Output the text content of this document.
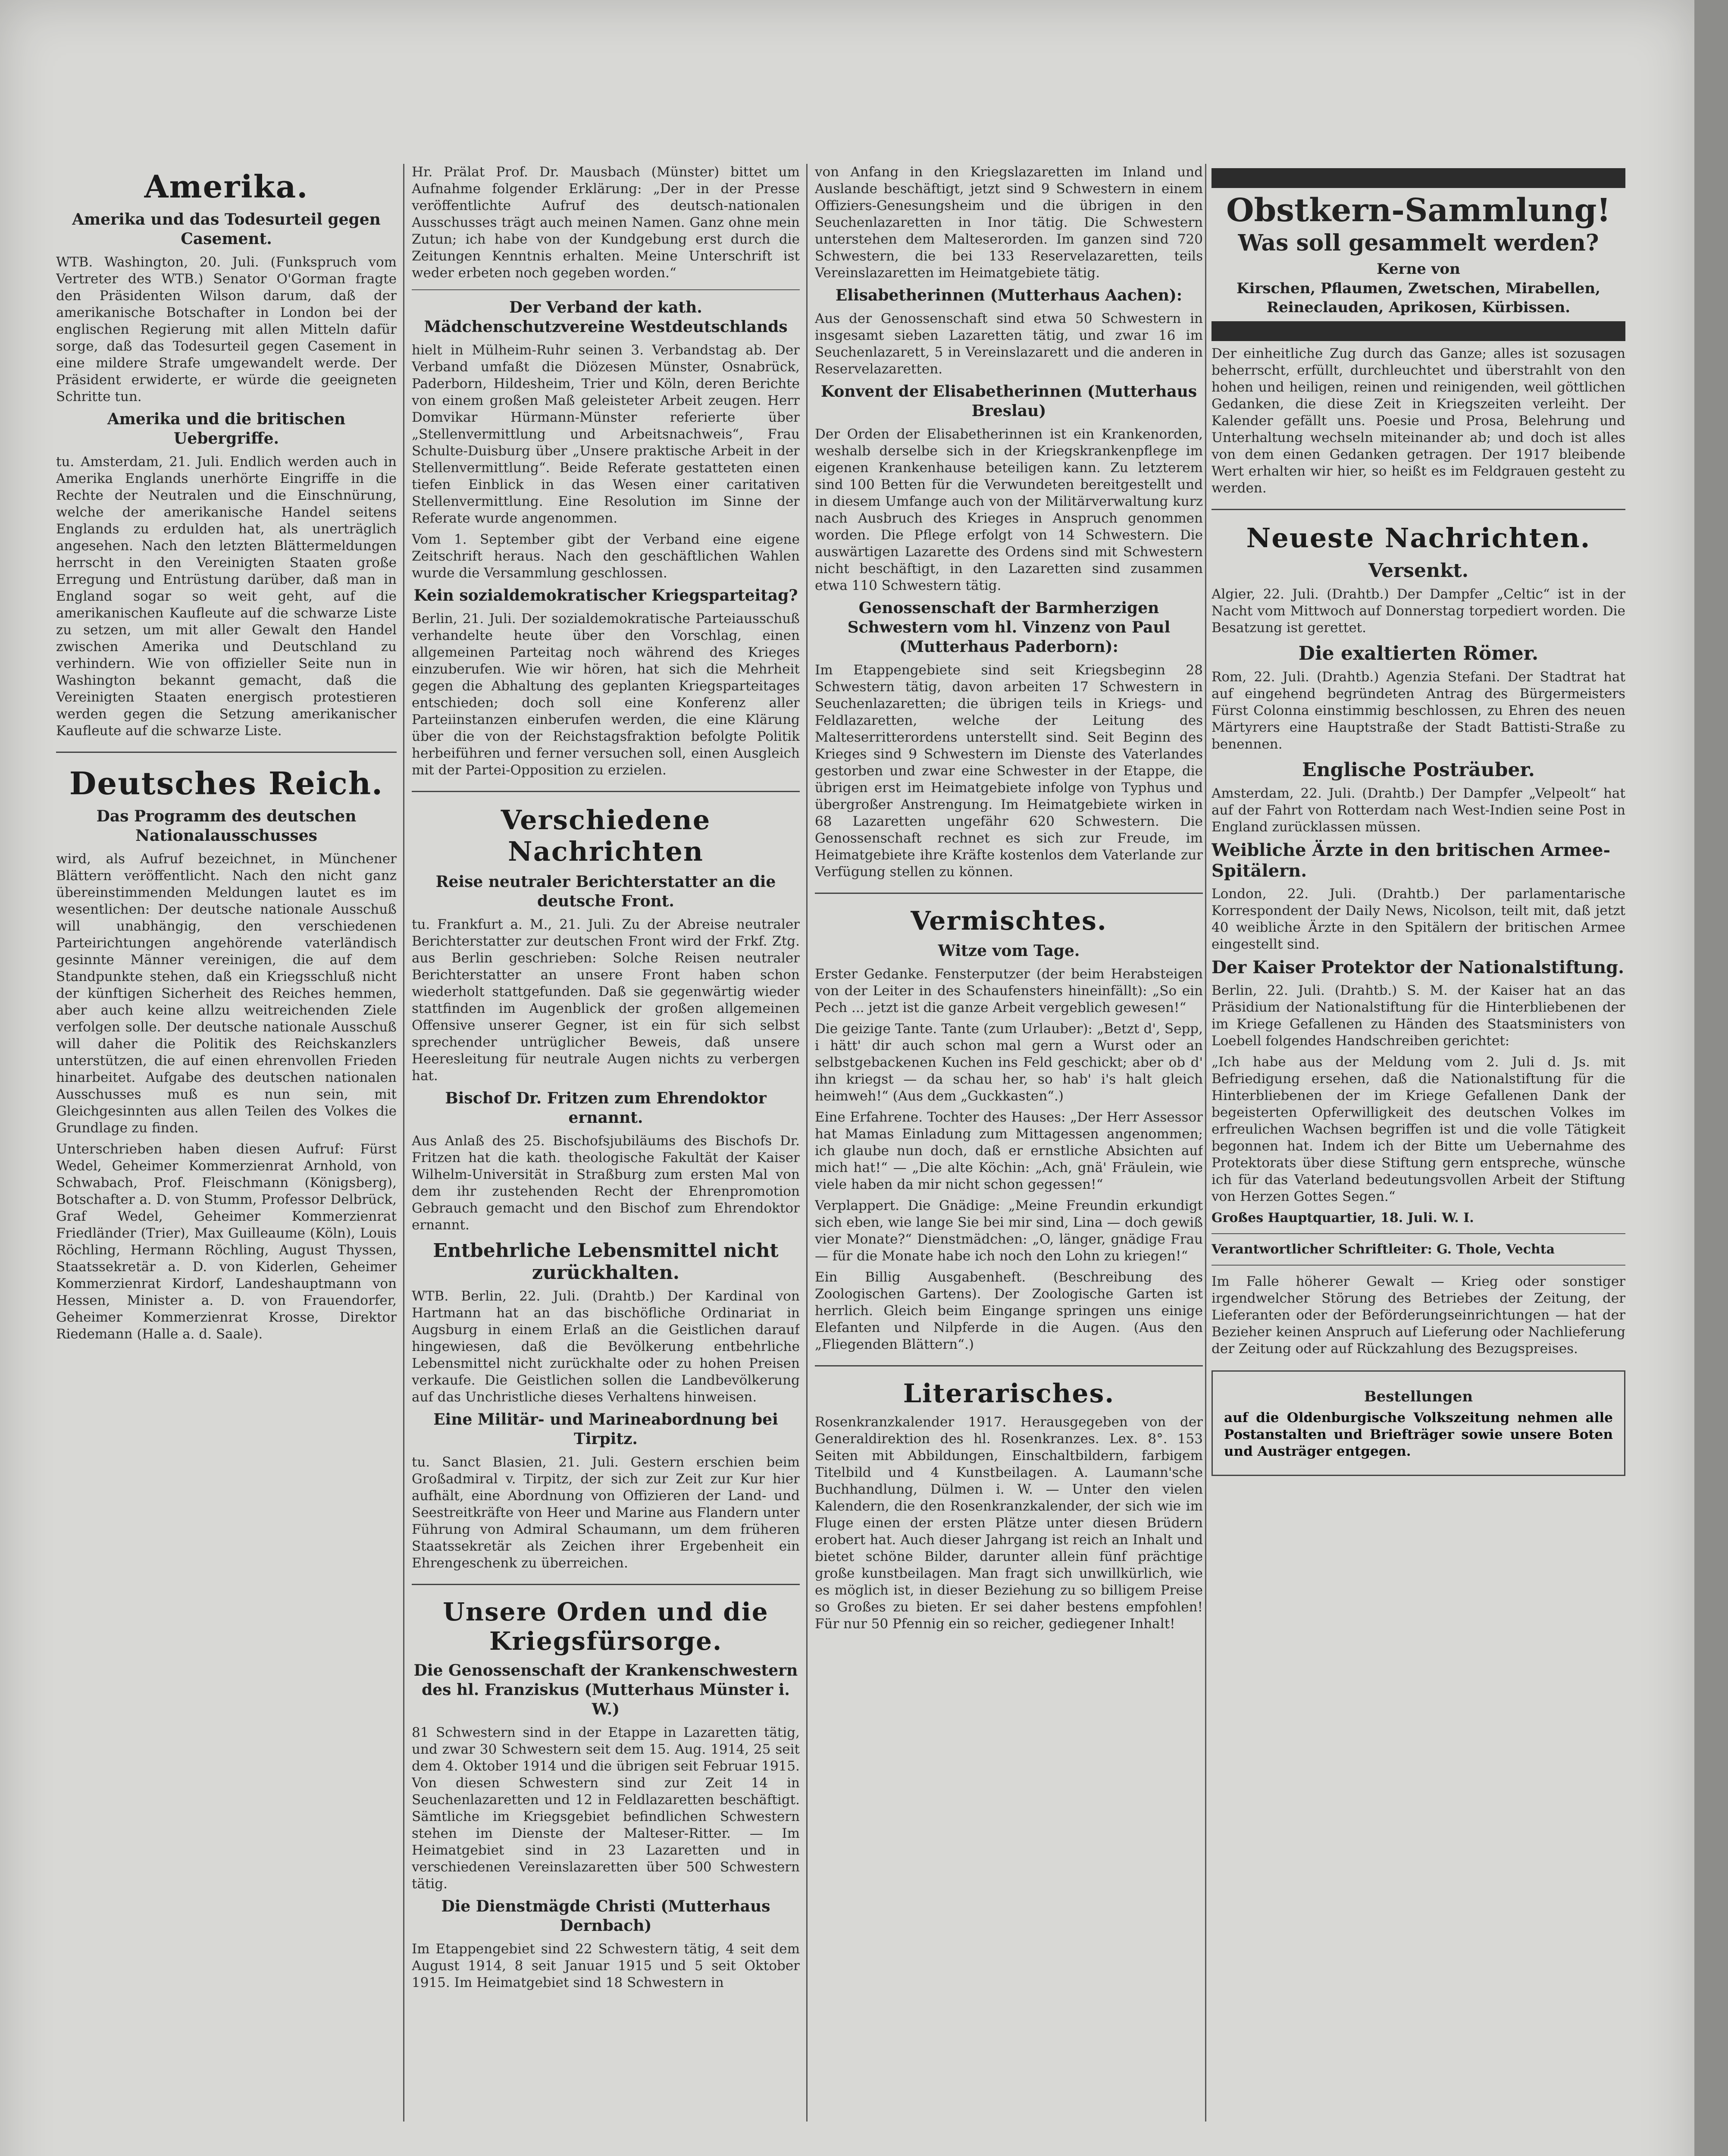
Amerika.
Amerika und das Todesurteil gegen Casement.

WTB. Washington, 20. Juli. (Funkspruch vom Vertreter des WTB.) Senator O'Gorman fragte den Präsidenten Wilson darum, daß der amerikanische Botschafter in London bei der englischen Regierung mit allen Mitteln dafür sorge, daß das Todesurteil gegen Casement in eine mildere Strafe umgewandelt werde. Der Präsident erwiderte, er würde die geeigneten Schritte tun.

Amerika und die britischen Uebergriffe.

tu. Amsterdam, 21. Juli. Endlich werden auch in Amerika Englands unerhörte Eingriffe in die Rechte der Neutralen und die Einschnürung, welche der amerikanische Handel seitens Englands zu erdulden hat, als unerträglich angesehen. Nach den letzten Blättermeldungen herrscht in den Vereinigten Staaten große Erregung und Entrüstung darüber, daß man in England sogar so weit geht, auf die amerikanischen Kaufleute auf die schwarze Liste zu setzen, um mit aller Gewalt den Handel zwischen Amerika und Deutschland zu verhindern. Wie von offizieller Seite nun in Washington bekannt gemacht, daß die Vereinigten Staaten energisch protestieren werden gegen die Setzung amerikanischer Kaufleute auf die schwarze Liste.

Deutsches Reich.
Das Programm des deutschen Nationalausschusses

wird, als Aufruf bezeichnet, in Münchener Blättern veröffentlicht. Nach den nicht ganz übereinstimmenden Meldungen lautet es im wesentlichen: Der deutsche nationale Ausschuß will unabhängig, den verschiedenen Parteirichtungen angehörende vaterländisch gesinnte Männer vereinigen, die auf dem Standpunkte stehen, daß ein Kriegsschluß nicht der künftigen Sicherheit des Reiches hemmen, aber auch keine allzu weitreichenden Ziele verfolgen solle. Der deutsche nationale Ausschuß will daher die Politik des Reichskanzlers unterstützen, die auf einen ehrenvollen Frieden hinarbeitet. Aufgabe des deutschen nationalen Ausschusses muß es nun sein, mit Gleichgesinnten aus allen Teilen des Volkes die Grundlage zu finden.

Unterschrieben haben diesen Aufruf: Fürst Wedel, Geheimer Kommerzienrat Arnhold, von Schwabach, Prof. Fleischmann (Königsberg), Botschafter a. D. von Stumm, Professor Delbrück, Graf Wedel, Geheimer Kommerzienrat Friedländer (Trier), Max Guilleaume (Köln), Louis Röchling, Hermann Röchling, August Thyssen, Staatssekretär a. D. von Kiderlen, Geheimer Kommerzienrat Kirdorf, Landeshauptmann von Hessen, Minister a. D. von Frauendorfer, Geheimer Kommerzienrat Krosse, Direktor Riedemann (Halle a. d. Saale).

Hr. Prälat Prof. Dr. Mausbach (Münster) bittet um Aufnahme folgender Erklärung: „Der in der Presse veröffentlichte Aufruf des deutsch-nationalen Ausschusses trägt auch meinen Namen. Ganz ohne mein Zutun; ich habe von der Kundgebung erst durch die Zeitungen Kenntnis erhalten. Meine Unterschrift ist weder erbeten noch gegeben worden.“

Der Verband der kath. Mädchenschutzvereine Westdeutschlands

hielt in Mülheim-Ruhr seinen 3. Verbandstag ab. Der Verband umfaßt die Diözesen Münster, Osnabrück, Paderborn, Hildesheim, Trier und Köln, deren Berichte von einem großen Maß geleisteter Arbeit zeugen. Herr Domvikar Hürmann-Münster referierte über „Stellenvermittlung und Arbeitsnachweis“, Frau Schulte-Duisburg über „Unsere praktische Arbeit in der Stellenvermittlung“. Beide Referate gestatteten einen tiefen Einblick in das Wesen einer caritativen Stellenvermittlung. Eine Resolution im Sinne der Referate wurde angenommen.

Vom 1. September gibt der Verband eine eigene Zeitschrift heraus. Nach den geschäftlichen Wahlen wurde die Versammlung geschlossen.

Kein sozialdemokratischer Kriegsparteitag?

Berlin, 21. Juli. Der sozialdemokratische Parteiausschuß verhandelte heute über den Vorschlag, einen allgemeinen Parteitag noch während des Krieges einzuberufen. Wie wir hören, hat sich die Mehrheit gegen die Abhaltung des geplanten Kriegsparteitages entschieden; doch soll eine Konferenz aller Parteiinstanzen einberufen werden, die eine Klärung über die von der Reichstagsfraktion befolgte Politik herbeiführen und ferner versuchen soll, einen Ausgleich mit der Partei-Opposition zu erzielen.

Verschiedene Nachrichten
Reise neutraler Berichterstatter an die deutsche Front.

tu. Frankfurt a. M., 21. Juli. Zu der Abreise neutraler Berichterstatter zur deutschen Front wird der Frkf. Ztg. aus Berlin geschrieben: Solche Reisen neutraler Berichterstatter an unsere Front haben schon wiederholt stattgefunden. Daß sie gegenwärtig wieder stattfinden im Augenblick der großen allgemeinen Offensive unserer Gegner, ist ein für sich selbst sprechender untrüglicher Beweis, daß unsere Heeresleitung für neutrale Augen nichts zu verbergen hat.

Bischof Dr. Fritzen zum Ehrendoktor ernannt.

Aus Anlaß des 25. Bischofsjubiläums des Bischofs Dr. Fritzen hat die kath. theologische Fakultät der Kaiser Wilhelm-Universität in Straßburg zum ersten Mal von dem ihr zustehenden Recht der Ehrenpromotion Gebrauch gemacht und den Bischof zum Ehrendoktor ernannt.

Entbehrliche Lebensmittel nicht zurückhalten.

WTB. Berlin, 22. Juli. (Drahtb.) Der Kardinal von Hartmann hat an das bischöfliche Ordinariat in Augsburg in einem Erlaß an die Geistlichen darauf hingewiesen, daß die Bevölkerung entbehrliche Lebensmittel nicht zurückhalte oder zu hohen Preisen verkaufe. Die Geistlichen sollen die Landbevölkerung auf das Unchristliche dieses Verhaltens hinweisen.

Eine Militär- und Marineabordnung bei Tirpitz.

tu. Sanct Blasien, 21. Juli. Gestern erschien beim Großadmiral v. Tirpitz, der sich zur Zeit zur Kur hier aufhält, eine Abordnung von Offizieren der Land- und Seestreitkräfte von Heer und Marine aus Flandern unter Führung von Admiral Schaumann, um dem früheren Staatssekretär als Zeichen ihrer Ergebenheit ein Ehrengeschenk zu überreichen.

Unsere Orden und die Kriegsfürsorge.
Die Genossenschaft der Krankenschwestern des hl. Franziskus (Mutterhaus Münster i. W.)

81 Schwestern sind in der Etappe in Lazaretten tätig, und zwar 30 Schwestern seit dem 15. Aug. 1914, 25 seit dem 4. Oktober 1914 und die übrigen seit Februar 1915. Von diesen Schwestern sind zur Zeit 14 in Seuchenlazaretten und 12 in Feldlazaretten beschäftigt. Sämtliche im Kriegsgebiet befindlichen Schwestern stehen im Dienste der Malteser-Ritter. — Im Heimatgebiet sind in 23 Lazaretten und in verschiedenen Vereinslazaretten über 500 Schwestern tätig.

Die Dienstmägde Christi (Mutterhaus Dernbach)

Im Etappengebiet sind 22 Schwestern tätig, 4 seit dem August 1914, 8 seit Januar 1915 und 5 seit Oktober 1915. Im Heimatgebiet sind 18 Schwestern in

von Anfang in den Kriegslazaretten im Inland und Auslande beschäftigt, jetzt sind 9 Schwestern in einem Offiziers-Genesungsheim und die übrigen in den Seuchenlazaretten in Inor tätig. Die Schwestern unterstehen dem Malteserorden. Im ganzen sind 720 Schwestern, die bei 133 Reservelazaretten, teils Vereinslazaretten im Heimatgebiete tätig.

Elisabetherinnen (Mutterhaus Aachen):

Aus der Genossenschaft sind etwa 50 Schwestern in insgesamt sieben Lazaretten tätig, und zwar 16 im Seuchenlazarett, 5 in Vereinslazarett und die anderen in Reservelazaretten.

Konvent der Elisabetherinnen (Mutterhaus Breslau)

Der Orden der Elisabetherinnen ist ein Krankenorden, weshalb derselbe sich in der Kriegskrankenpflege im eigenen Krankenhause beteiligen kann. Zu letzterem sind 100 Betten für die Verwundeten bereitgestellt und in diesem Umfange auch von der Militärverwaltung kurz nach Ausbruch des Krieges in Anspruch genommen worden. Die Pflege erfolgt von 14 Schwestern. Die auswärtigen Lazarette des Ordens sind mit Schwestern nicht beschäftigt, in den Lazaretten sind zusammen etwa 110 Schwestern tätig.

Genossenschaft der Barmherzigen Schwestern vom hl. Vinzenz von Paul (Mutterhaus Paderborn):

Im Etappengebiete sind seit Kriegsbeginn 28 Schwestern tätig, davon arbeiten 17 Schwestern in Seuchenlazaretten; die übrigen teils in Kriegs- und Feldlazaretten, welche der Leitung des Malteserritterordens unterstellt sind. Seit Beginn des Krieges sind 9 Schwestern im Dienste des Vaterlandes gestorben und zwar eine Schwester in der Etappe, die übrigen erst im Heimatgebiete infolge von Typhus und übergroßer Anstrengung. Im Heimatgebiete wirken in 68 Lazaretten ungefähr 620 Schwestern. Die Genossenschaft rechnet es sich zur Freude, im Heimatgebiete ihre Kräfte kostenlos dem Vaterlande zur Verfügung stellen zu können.

Vermischtes.
Witze vom Tage.

Erster Gedanke. Fensterputzer (der beim Herabsteigen von der Leiter in des Schaufensters hineinfällt): „So ein Pech ... jetzt ist die ganze Arbeit vergeblich gewesen!“

Die geizige Tante. Tante (zum Urlauber): „Betzt d', Sepp, i hätt' dir auch schon mal gern a Wurst oder an selbstgebackenen Kuchen ins Feld geschickt; aber ob d' ihn kriegst — da schau her, so hab' i's halt gleich heimweh!“ (Aus dem „Guckkasten“.)

Eine Erfahrene. Tochter des Hauses: „Der Herr Assessor hat Mamas Einladung zum Mittagessen angenommen; ich glaube nun doch, daß er ernstliche Absichten auf mich hat!“ — „Die alte Köchin: „Ach, gnä' Fräulein, wie viele haben da mir nicht schon gegessen!“

Verplappert. Die Gnädige: „Meine Freundin erkundigt sich eben, wie lange Sie bei mir sind, Lina — doch gewiß vier Monate?“ Dienstmädchen: „O, länger, gnädige Frau — für die Monate habe ich noch den Lohn zu kriegen!“

Ein Billig Ausgabenheft. (Beschreibung des Zoologischen Gartens). Der Zoologische Garten ist herrlich. Gleich beim Eingange springen uns einige Elefanten und Nilpferde in die Augen. (Aus den „Fliegenden Blättern“.)

Literarisches.

Rosenkranzkalender 1917. Herausgegeben von der Generaldirektion des hl. Rosenkranzes. Lex. 8°. 153 Seiten mit Abbildungen, Einschaltbildern, farbigem Titelbild und 4 Kunstbeilagen. A. Laumann'sche Buchhandlung, Dülmen i. W. — Unter den vielen Kalendern, die den Rosenkranzkalender, der sich wie im Fluge einen der ersten Plätze unter diesen Brüdern erobert hat. Auch dieser Jahrgang ist reich an Inhalt und bietet schöne Bilder, darunter allein fünf prächtige große kunstbeilagen. Man fragt sich unwillkürlich, wie es möglich ist, in dieser Beziehung zu so billigem Preise so Großes zu bieten. Er sei daher bestens empfohlen! Für nur 50 Pfennig ein so reicher, gediegener Inhalt!

Obstkern-Sammlung!
Was soll gesammelt werden?
Kerne von
Kirschen, Pflaumen, Zwetschen, Mirabellen, Reineclauden, Aprikosen, Kürbissen.

Der einheitliche Zug durch das Ganze; alles ist sozusagen beherrscht, erfüllt, durchleuchtet und überstrahlt von den hohen und heiligen, reinen und reinigenden, weil göttlichen Gedanken, die diese Zeit in Kriegszeiten verleiht. Der Kalender gefällt uns. Poesie und Prosa, Belehrung und Unterhaltung wechseln miteinander ab; und doch ist alles von dem einen Gedanken getragen. Der 1917 bleibende Wert erhalten wir hier, so heißt es im Feldgrauen gesteht zu werden.

Neueste Nachrichten.
Versenkt.

Algier, 22. Juli. (Drahtb.) Der Dampfer „Celtic“ ist in der Nacht vom Mittwoch auf Donnerstag torpediert worden. Die Besatzung ist gerettet.

Die exaltierten Römer.

Rom, 22. Juli. (Drahtb.) Agenzia Stefani. Der Stadtrat hat auf eingehend begründeten Antrag des Bürgermeisters Fürst Colonna einstimmig beschlossen, zu Ehren des neuen Märtyrers eine Hauptstraße der Stadt Battisti-Straße zu benennen.

Englische Posträuber.

Amsterdam, 22. Juli. (Drahtb.) Der Dampfer „Velpeolt“ hat auf der Fahrt von Rotterdam nach West-Indien seine Post in England zurücklassen müssen.

Weibliche Ärzte in den britischen Armee-Spitälern.

London, 22. Juli. (Drahtb.) Der parlamentarische Korrespondent der Daily News, Nicolson, teilt mit, daß jetzt 40 weibliche Ärzte in den Spitälern der britischen Armee eingestellt sind.

Der Kaiser Protektor der Nationalstiftung.

Berlin, 22. Juli. (Drahtb.) S. M. der Kaiser hat an das Präsidium der Nationalstiftung für die Hinterbliebenen der im Kriege Gefallenen zu Händen des Staatsministers von Loebell folgendes Handschreiben gerichtet:

„Ich habe aus der Meldung vom 2. Juli d. Js. mit Befriedigung ersehen, daß die Nationalstiftung für die Hinterbliebenen der im Kriege Gefallenen Dank der begeisterten Opferwilligkeit des deutschen Volkes im erfreulichen Wachsen begriffen ist und die volle Tätigkeit begonnen hat. Indem ich der Bitte um Uebernahme des Protektorats über diese Stiftung gern entspreche, wünsche ich für das Vaterland bedeutungsvollen Arbeit der Stiftung von Herzen Gottes Segen.“

Großes Hauptquartier, 18. Juli. W. I.
Verantwortlicher Schriftleiter: G. Thole, Vechta

Im Falle höherer Gewalt — Krieg oder sonstiger irgendwelcher Störung des Betriebes der Zeitung, der Lieferanten oder der Beförderungseinrichtungen — hat der Bezieher keinen Anspruch auf Lieferung oder Nachlieferung der Zeitung oder auf Rückzahlung des Bezugspreises.

Bestellungen

auf die Oldenburgische Volkszeitung nehmen alle Postanstalten und Briefträger sowie unsere Boten und Austräger entgegen.
